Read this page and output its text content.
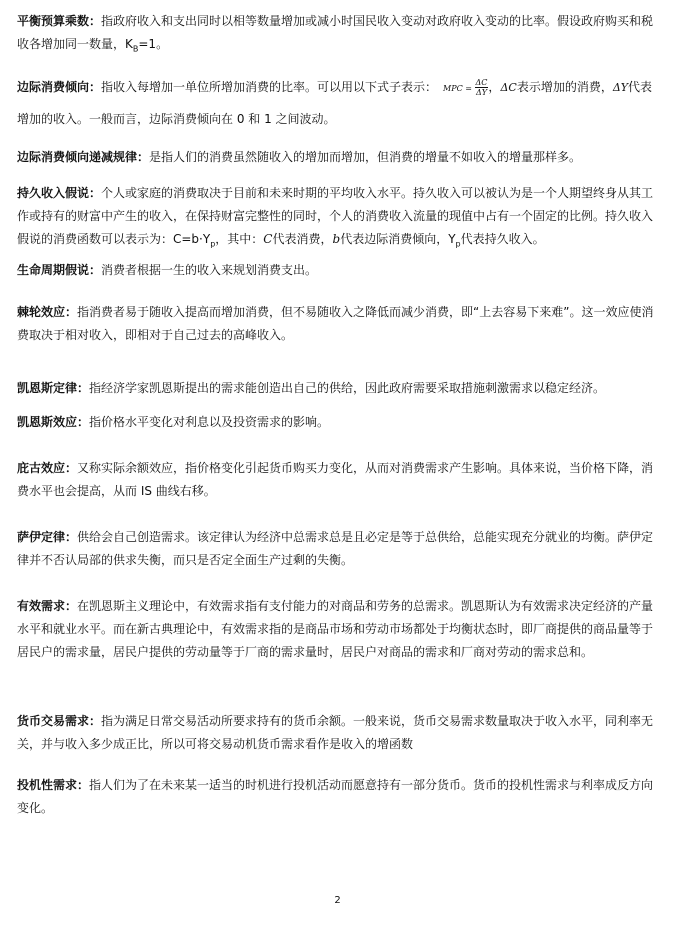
平衡预算乘数：指政府收入和支出同时以相等数量增加或减小时国民收入变动对政府收入变动的比率。假设政府购买和税收各增加同一数量，$K_B=1$。

边际消费倾向：指收入每增加一单位所增加消费的比率。可以用以下式子表示： MPC = $\frac{\Delta C}{\Delta Y}$ ，ΔC表示增加的消费，ΔY代表增加的收入。一般而言，边际消费倾向在 0 和 1 之间波动。

边际消费倾向递减规律：是指人们的消费虽然随收入的增加而增加，但消费的增量不如收入的增量那样多。

持久收入假说：个人或家庭的消费取决于目前和未来时期的平均收入水平。持久收入可以被认为是一个人期望终身从其工作或持有的财富中产生的收入，在保持财富完整性的同时，个人的消费收入流量的现值中占有一个固定的比例。持久收入假说的消费函数可以表示为：$C=b\cdot Y_p$，其中：C代表消费，b代表边际消费倾向，$Y_p$代表持久收入。

生命周期假说：消费者根据一生的收入来规划消费支出。

棘轮效应：指消费者易于随收入提高而增加消费，但不易随收入之降低而减少消费，即“上去容易下来难”。这一效应使消费取决于相对收入，即相对于自己过去的高峰收入。

凯恩斯定律：指经济学家凯恩斯提出的需求能创造出自己的供给，因此政府需要采取措施刺激需求以稳定经济。

凯恩斯效应：指价格水平变化对利息以及投资需求的影响。

庇古效应：又称实际余额效应，指价格变化引起货币购买力变化，从而对消费需求产生影响。具体来说，当价格下降，消费水平也会提高，从而 IS 曲线右移。

萨伊定律：供给会自己创造需求。该定律认为经济中总需求总是且必定是等于总供给，总能实现充分就业的均衡。萨伊定律并不否认局部的供求失衡，而只是否定全面生产过剩的失衡。

有效需求：在凯恩斯主义理论中，有效需求指有支付能力的对商品和劳务的总需求。凯恩斯认为有效需求决定经济的产量水平和就业水平。而在新古典理论中，有效需求指的是商品市场和劳动市场都处于均衡状态时，即厂商提供的商品量等于居民户的需求量，居民户提供的劳动量等于厂商的需求量时，居民户对商品的需求和厂商对劳动的需求总和。

货币交易需求：指为满足日常交易活动所要求持有的货币余额。一般来说，货币交易需求数量取决于收入水平，同利率无关，并与收入多少成正比，所以可将交易动机货币需求看作是收入的增函数

投机性需求：指人们为了在未来某一适当的时机进行投机活动而愿意持有一部分货币。货币的投机性需求与利率成反方向变化。

2
